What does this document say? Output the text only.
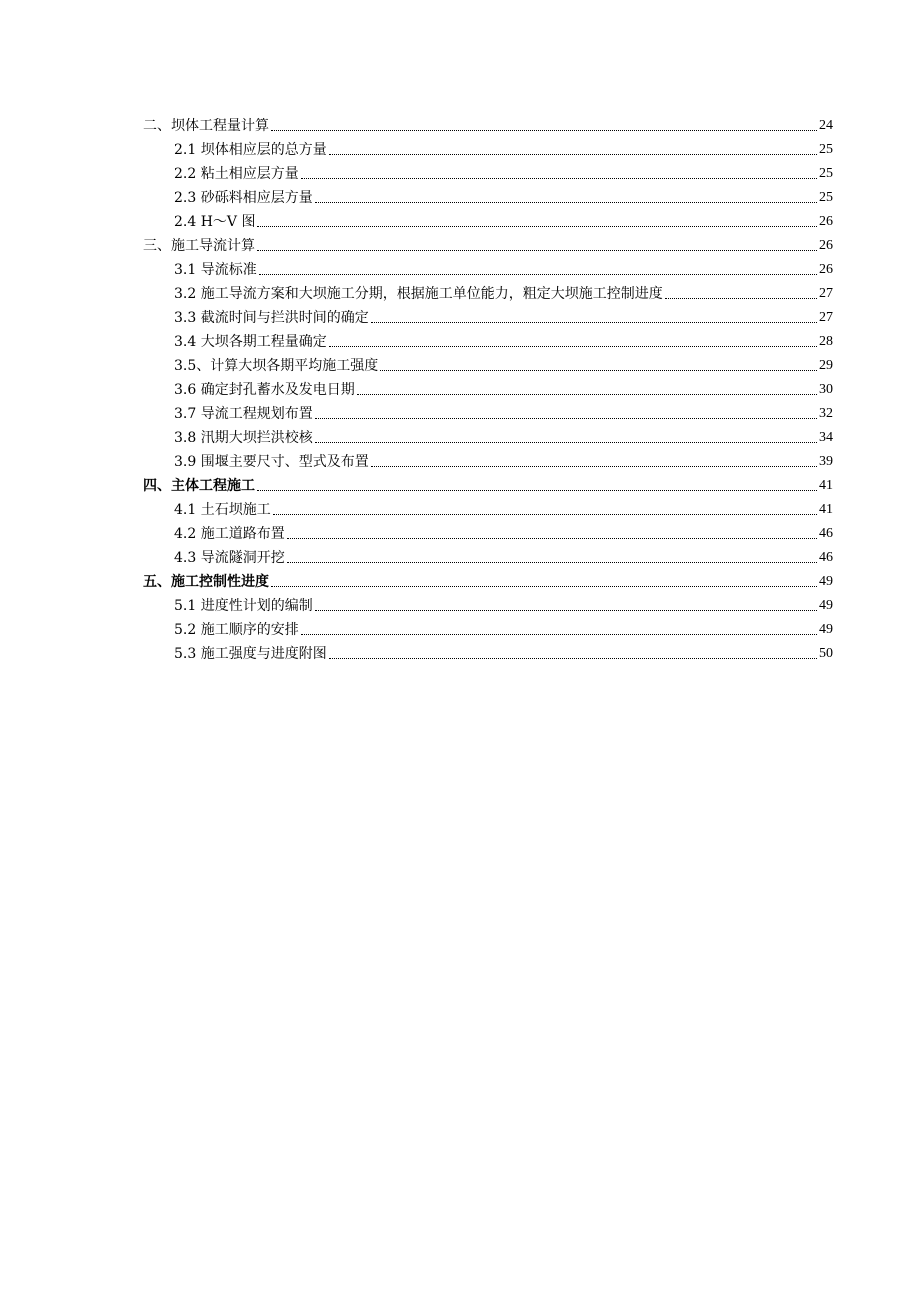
二、坝体工程量计算	24
2.1 坝体相应层的总方量	25
2.2 粘土相应层方量	25
2.3 砂砾料相应层方量	25
2.4 H～V 图	26
三、施工导流计算	26
3.1 导流标准	26
3.2 施工导流方案和大坝施工分期，根据施工单位能力，粗定大坝施工控制进度	27
3.3 截流时间与拦洪时间的确定	27
3.4 大坝各期工程量确定	28
3.5、计算大坝各期平均施工强度	29
3.6 确定封孔蓄水及发电日期	30
3.7 导流工程规划布置	32
3.8 汛期大坝拦洪校核	34
3.9 围堰主要尺寸、型式及布置	39
四、主体工程施工	41
4.1 土石坝施工	41
4.2 施工道路布置	46
4.3 导流隧洞开挖	46
五、施工控制性进度	49
5.1 进度性计划的编制	49
5.2 施工顺序的安排	49
5.3 施工强度与进度附图	50
